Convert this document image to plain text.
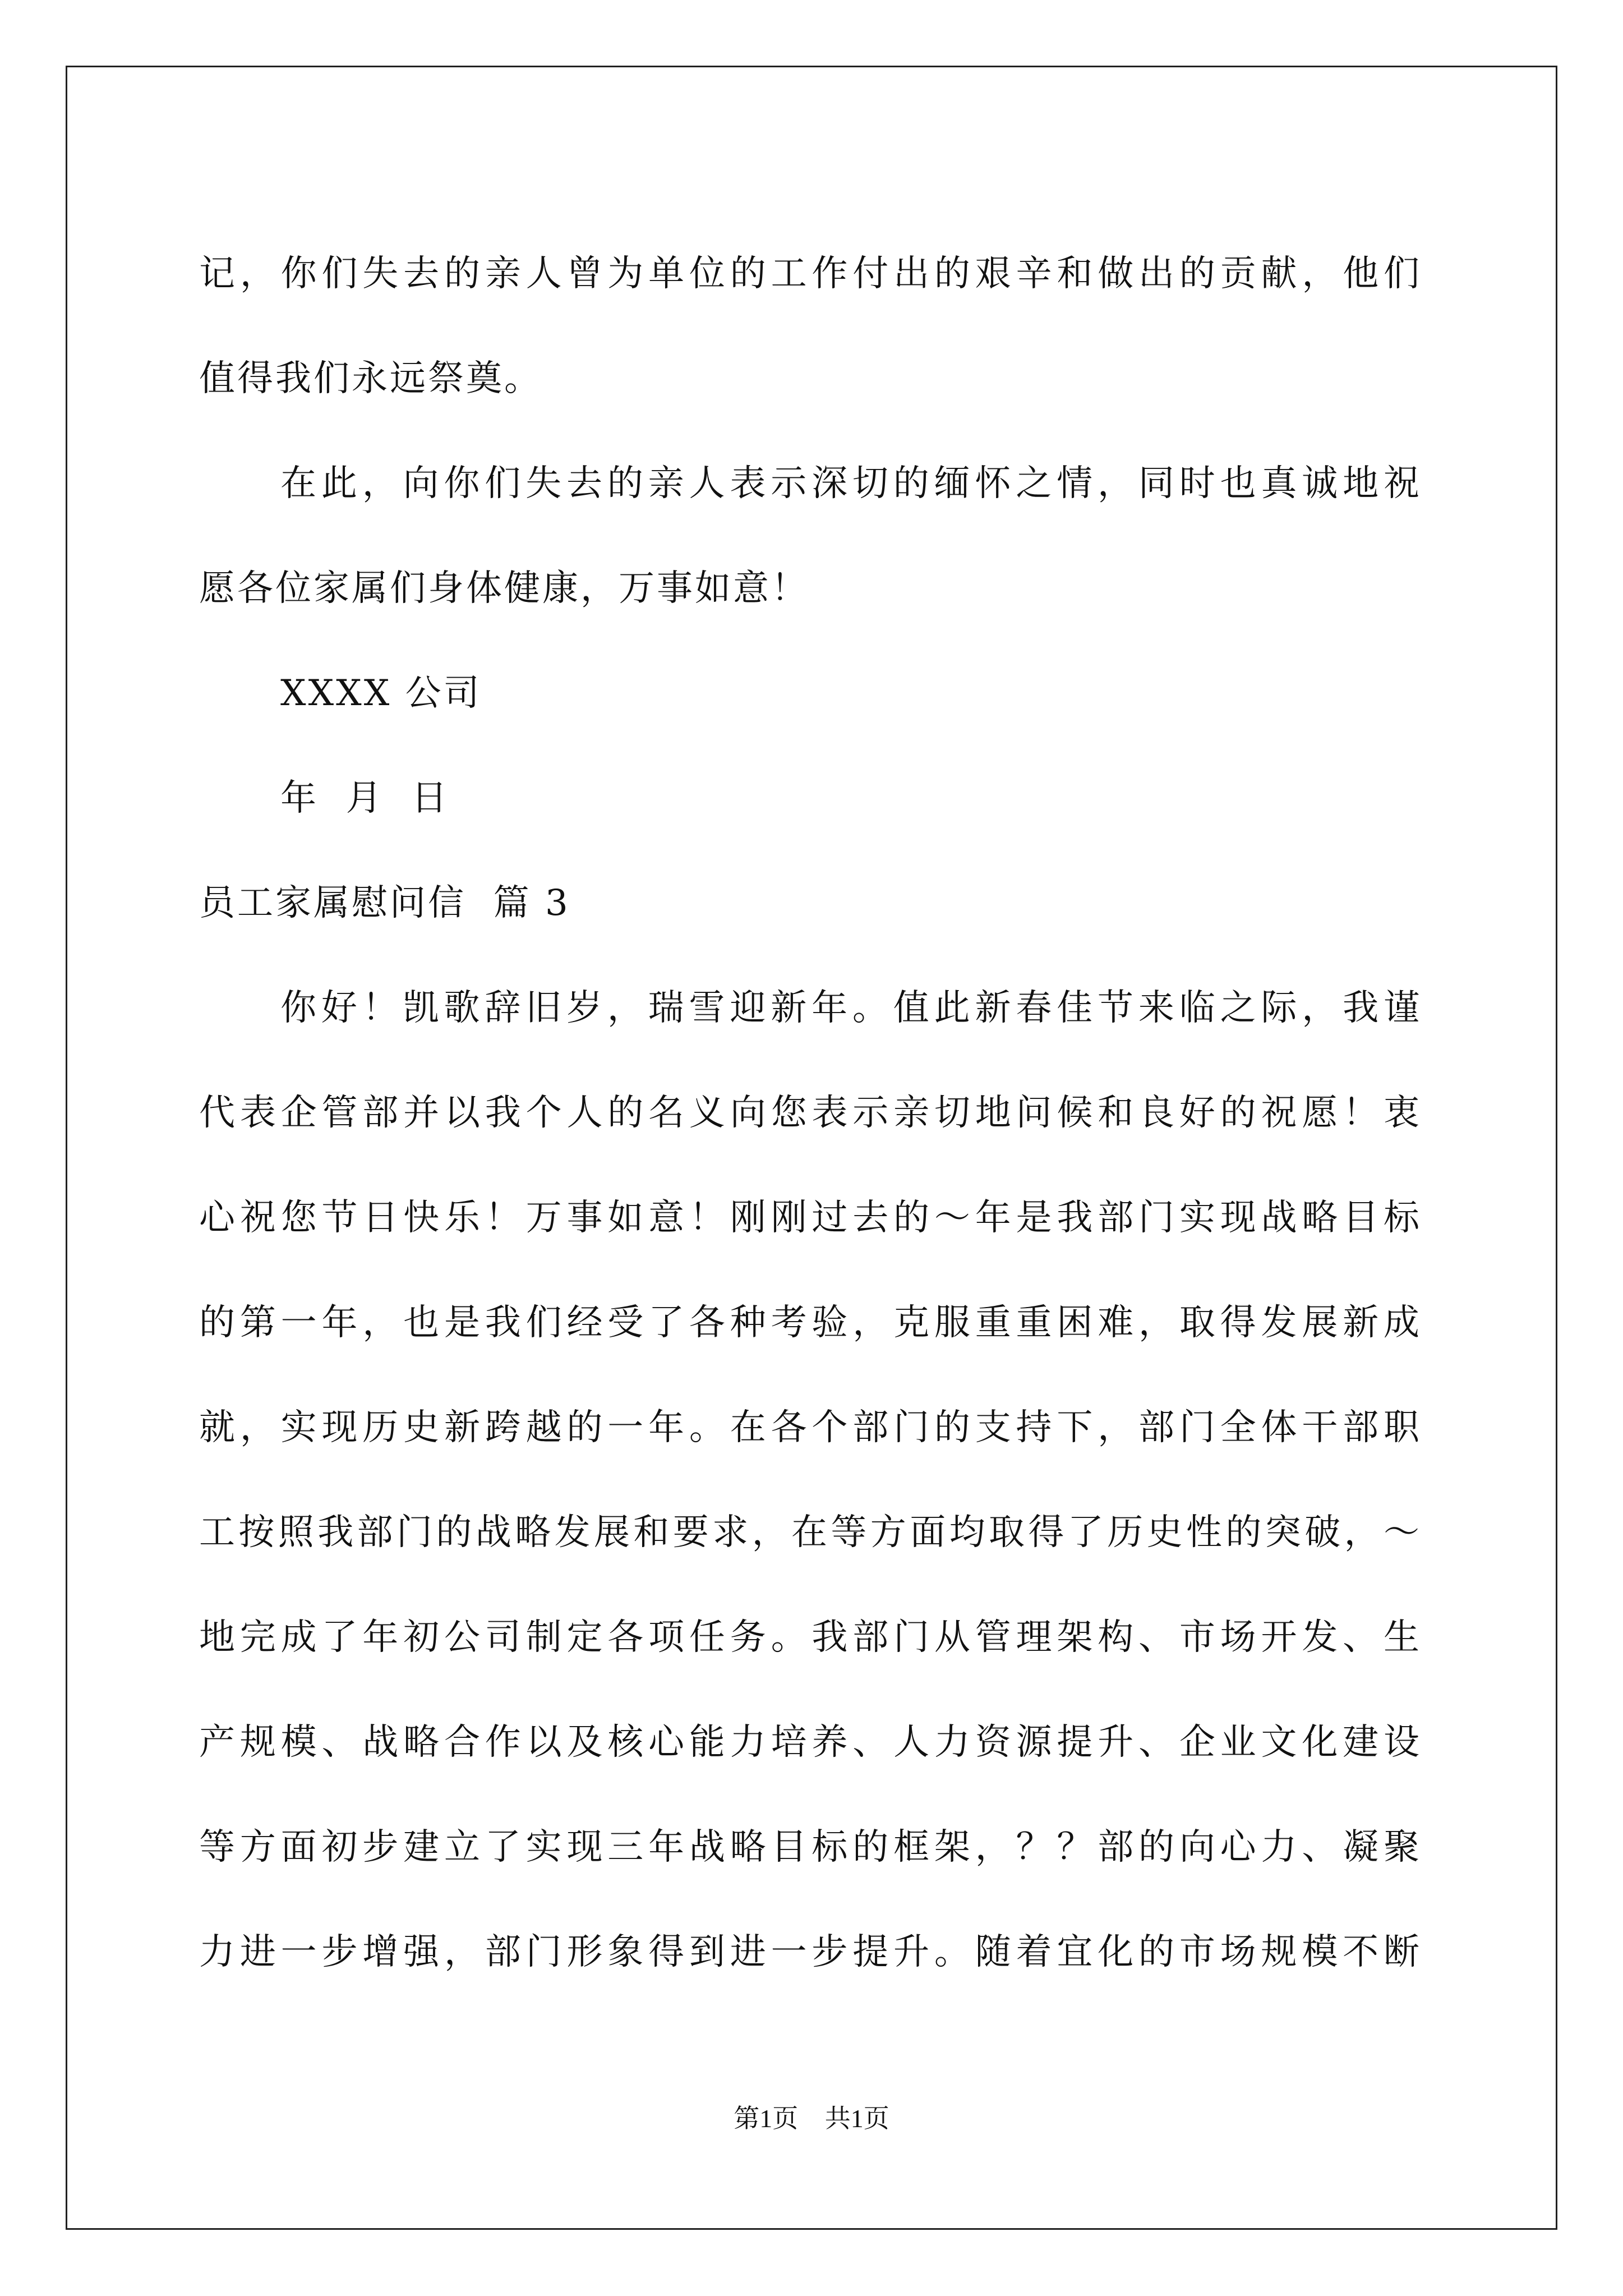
记，你们失去的亲人曾为单位的工作付出的艰辛和做出的贡献，他们
值得我们永远祭奠。
在此，向你们失去的亲人表示深切的缅怀之情，同时也真诚地祝
愿各位家属们身体健康，万事如意！
XXXX 公司
年  月  日
员工家属慰问信  篇 3
你好！凯歌辞旧岁，瑞雪迎新年。值此新春佳节来临之际，我谨
代表企管部并以我个人的名义向您表示亲切地问候和良好的祝愿！衷
心祝您节日快乐！万事如意！刚刚过去的～年是我部门实现战略目标
的第一年，也是我们经受了各种考验，克服重重困难，取得发展新成
就，实现历史新跨越的一年。在各个部门的支持下，部门全体干部职
工按照我部门的战略发展和要求，在等方面均取得了历史性的突破，～
地完成了年初公司制定各项任务。我部门从管理架构、市场开发、生
产规模、战略合作以及核心能力培养、人力资源提升、企业文化建设
等方面初步建立了实现三年战略目标的框架，？？部的向心力、凝聚
力进一步增强，部门形象得到进一步提升。随着宜化的市场规模不断
第1页 共1页
